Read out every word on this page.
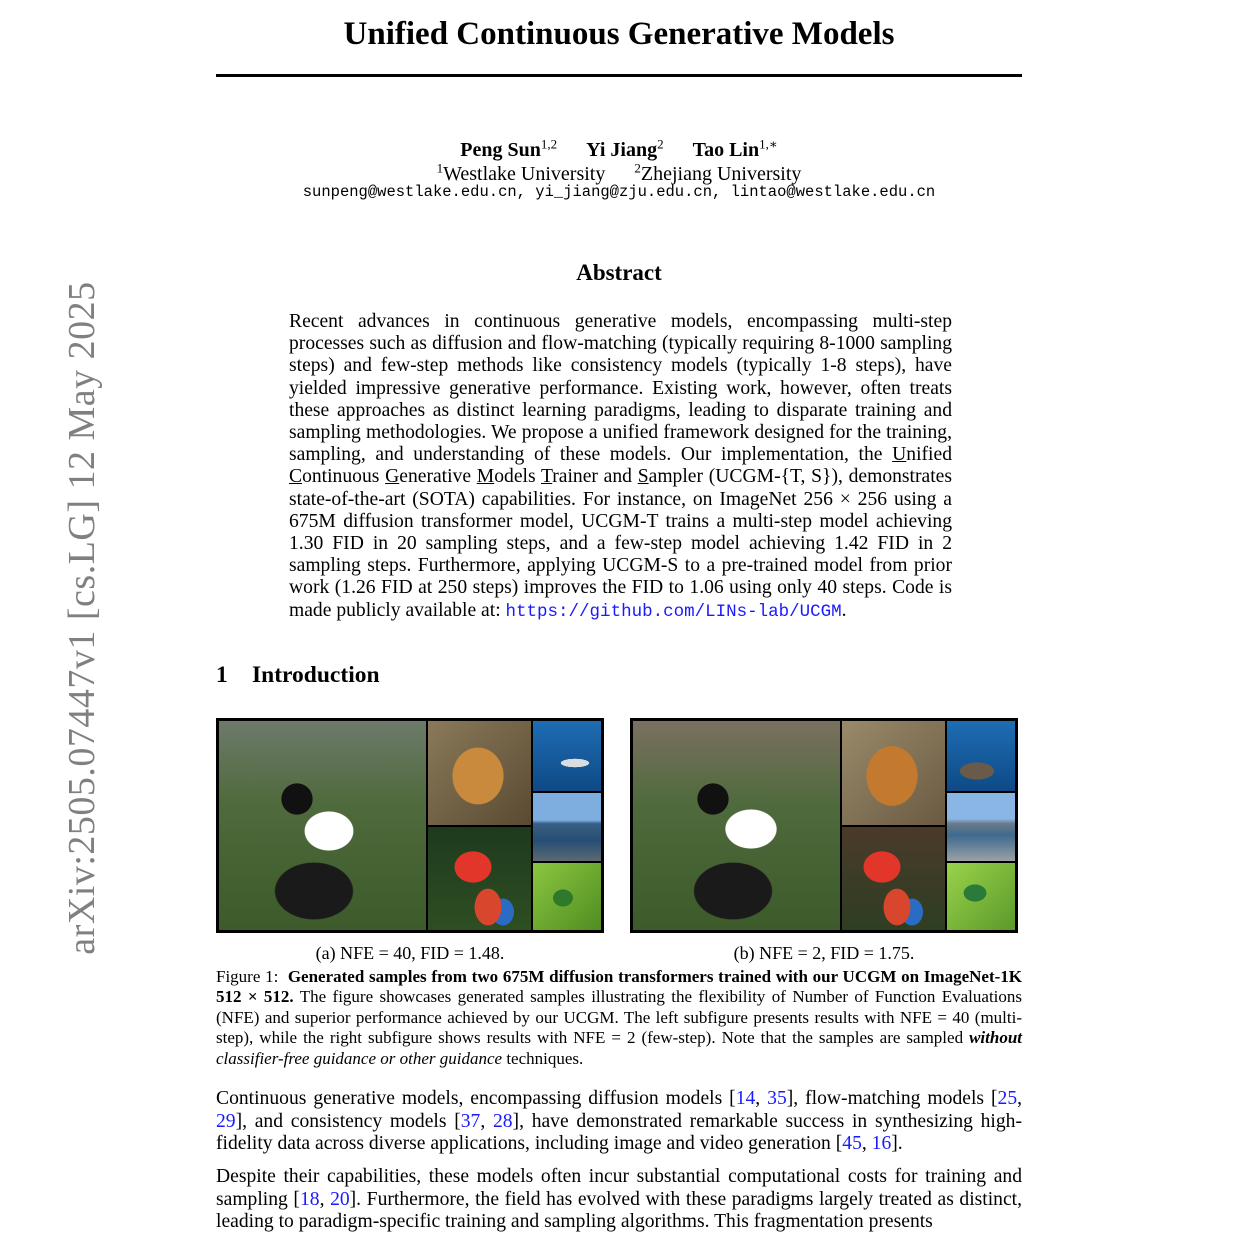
arXiv:2505.07447v1 [cs.LG] 12 May 2025
Unified Continuous Generative Models
Peng Sun$^{1,2}$ Yi Jiang$^2$ Tao Lin$^{1,∗}$
$^1$Westlake University $^2$Zhejiang University
sunpeng@westlake.edu.cn, yi_jiang@zju.edu.cn, lintao@westlake.edu.cn
Abstract
Recent advances in continuous generative models, encompassing multi-step processes such as diffusion and flow-matching (typically requiring 8-1000 sampling steps) and few-step methods like consistency models (typically 1-8 steps), have yielded impressive generative performance. Existing work, however, often treats these approaches as distinct learning paradigms, leading to disparate training and sampling methodologies. We propose a unified framework designed for the training, sampling, and understanding of these models. Our implementation, the Unified Continuous Generative Models Trainer and Sampler (UCGM-{T, S}), demonstrates state-of-the-art (SOTA) capabilities. For instance, on ImageNet 256 × 256 using a 675M diffusion transformer model, UCGM-T trains a multi-step model achieving 1.30 FID in 20 sampling steps, and a few-step model achieving 1.42 FID in 2 sampling steps. Furthermore, applying UCGM-S to a pre-trained model from prior work (1.26 FID at 250 steps) improves the FID to 1.06 using only 40 steps. Code is made publicly available at: https://github.com/LINs-lab/UCGM.
1 Introduction
(a) NFE = 40, FID = 1.48.	(b) NFE = 2, FID = 1.75.
Figure 1: Generated samples from two 675M diffusion transformers trained with our UCGM on ImageNet-1K 512 × 512. The figure showcases generated samples illustrating the flexibility of Number of Function Evaluations (NFE) and superior performance achieved by our UCGM. The left subfigure presents results with NFE = 40 (multi-step), while the right subfigure shows results with NFE = 2 (few-step). Note that the samples are sampled without classifier-free guidance or other guidance techniques.
Continuous generative models, encompassing diffusion models [14, 35], flow-matching models [25, 29], and consistency models [37, 28], have demonstrated remarkable success in synthesizing high-fidelity data across diverse applications, including image and video generation [45, 16].
Despite their capabilities, these models often incur substantial computational costs for training and sampling [18, 20]. Furthermore, the field has evolved with these paradigms largely treated as distinct, leading to paradigm-specific training and sampling algorithms. This fragmentation presents
